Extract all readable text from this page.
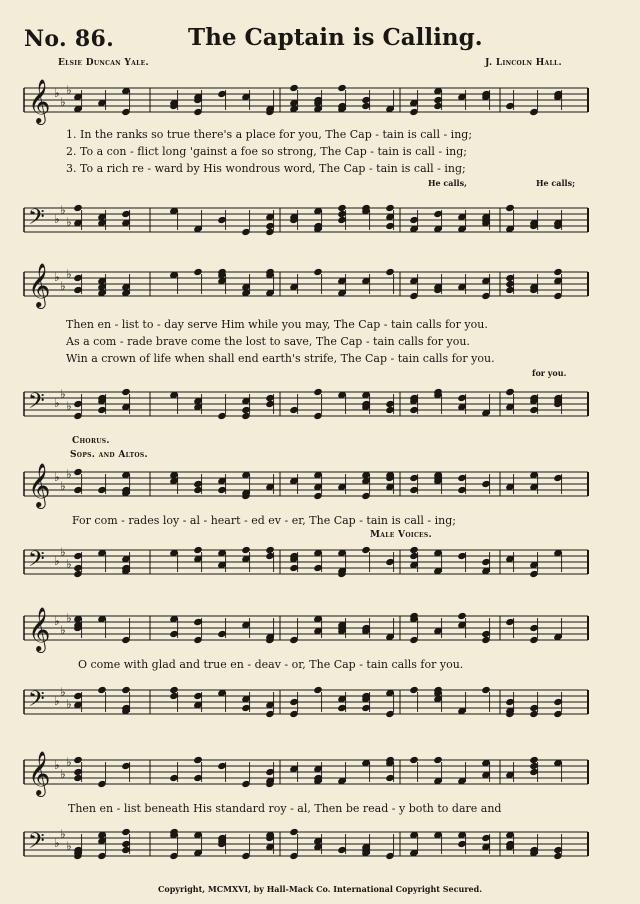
No. 86.	The Captain is Calling.
Elsie Duncan Yale.	J. Lincoln Hall.
𝄞 ♭
♭
♭
1. In the ranks so true there's a place for you, The Cap - tain is call - ing;
2. To a con - flict long 'gainst a foe so strong, The Cap - tain is call - ing;
3. To a rich re - ward by His wondrous word, The Cap - tain is call - ing;
He calls,	He calls;
𝄢 ♭
♭
♭
𝄞 ♭
♭
♭
Then en - list to - day serve Him while you may, The Cap - tain calls for you.
As a com - rade brave come the lost to save, The Cap - tain calls for you.
Win a crown of life when shall end earth's strife, The Cap - tain calls for you.
for you.
𝄢 ♭
♭
♭
Chorus.
Sops. and Altos.
𝄞 ♭
♭
♭
For com - rades loy - al - heart - ed ev - er, The Cap - tain is call - ing;
Male Voices.
𝄢 ♭
♭
♭
𝄞 ♭
♭
♭
O come with glad and true en - deav - or, The Cap - tain calls for you.
𝄢 ♭
♭
♭
𝄞 ♭
♭
♭
Then en - list beneath His standard roy - al, Then be read - y both to dare and
𝄢 ♭
♭
♭
Copyright, MCMXVI, by Hall-Mack Co. International Copyright Secured.
